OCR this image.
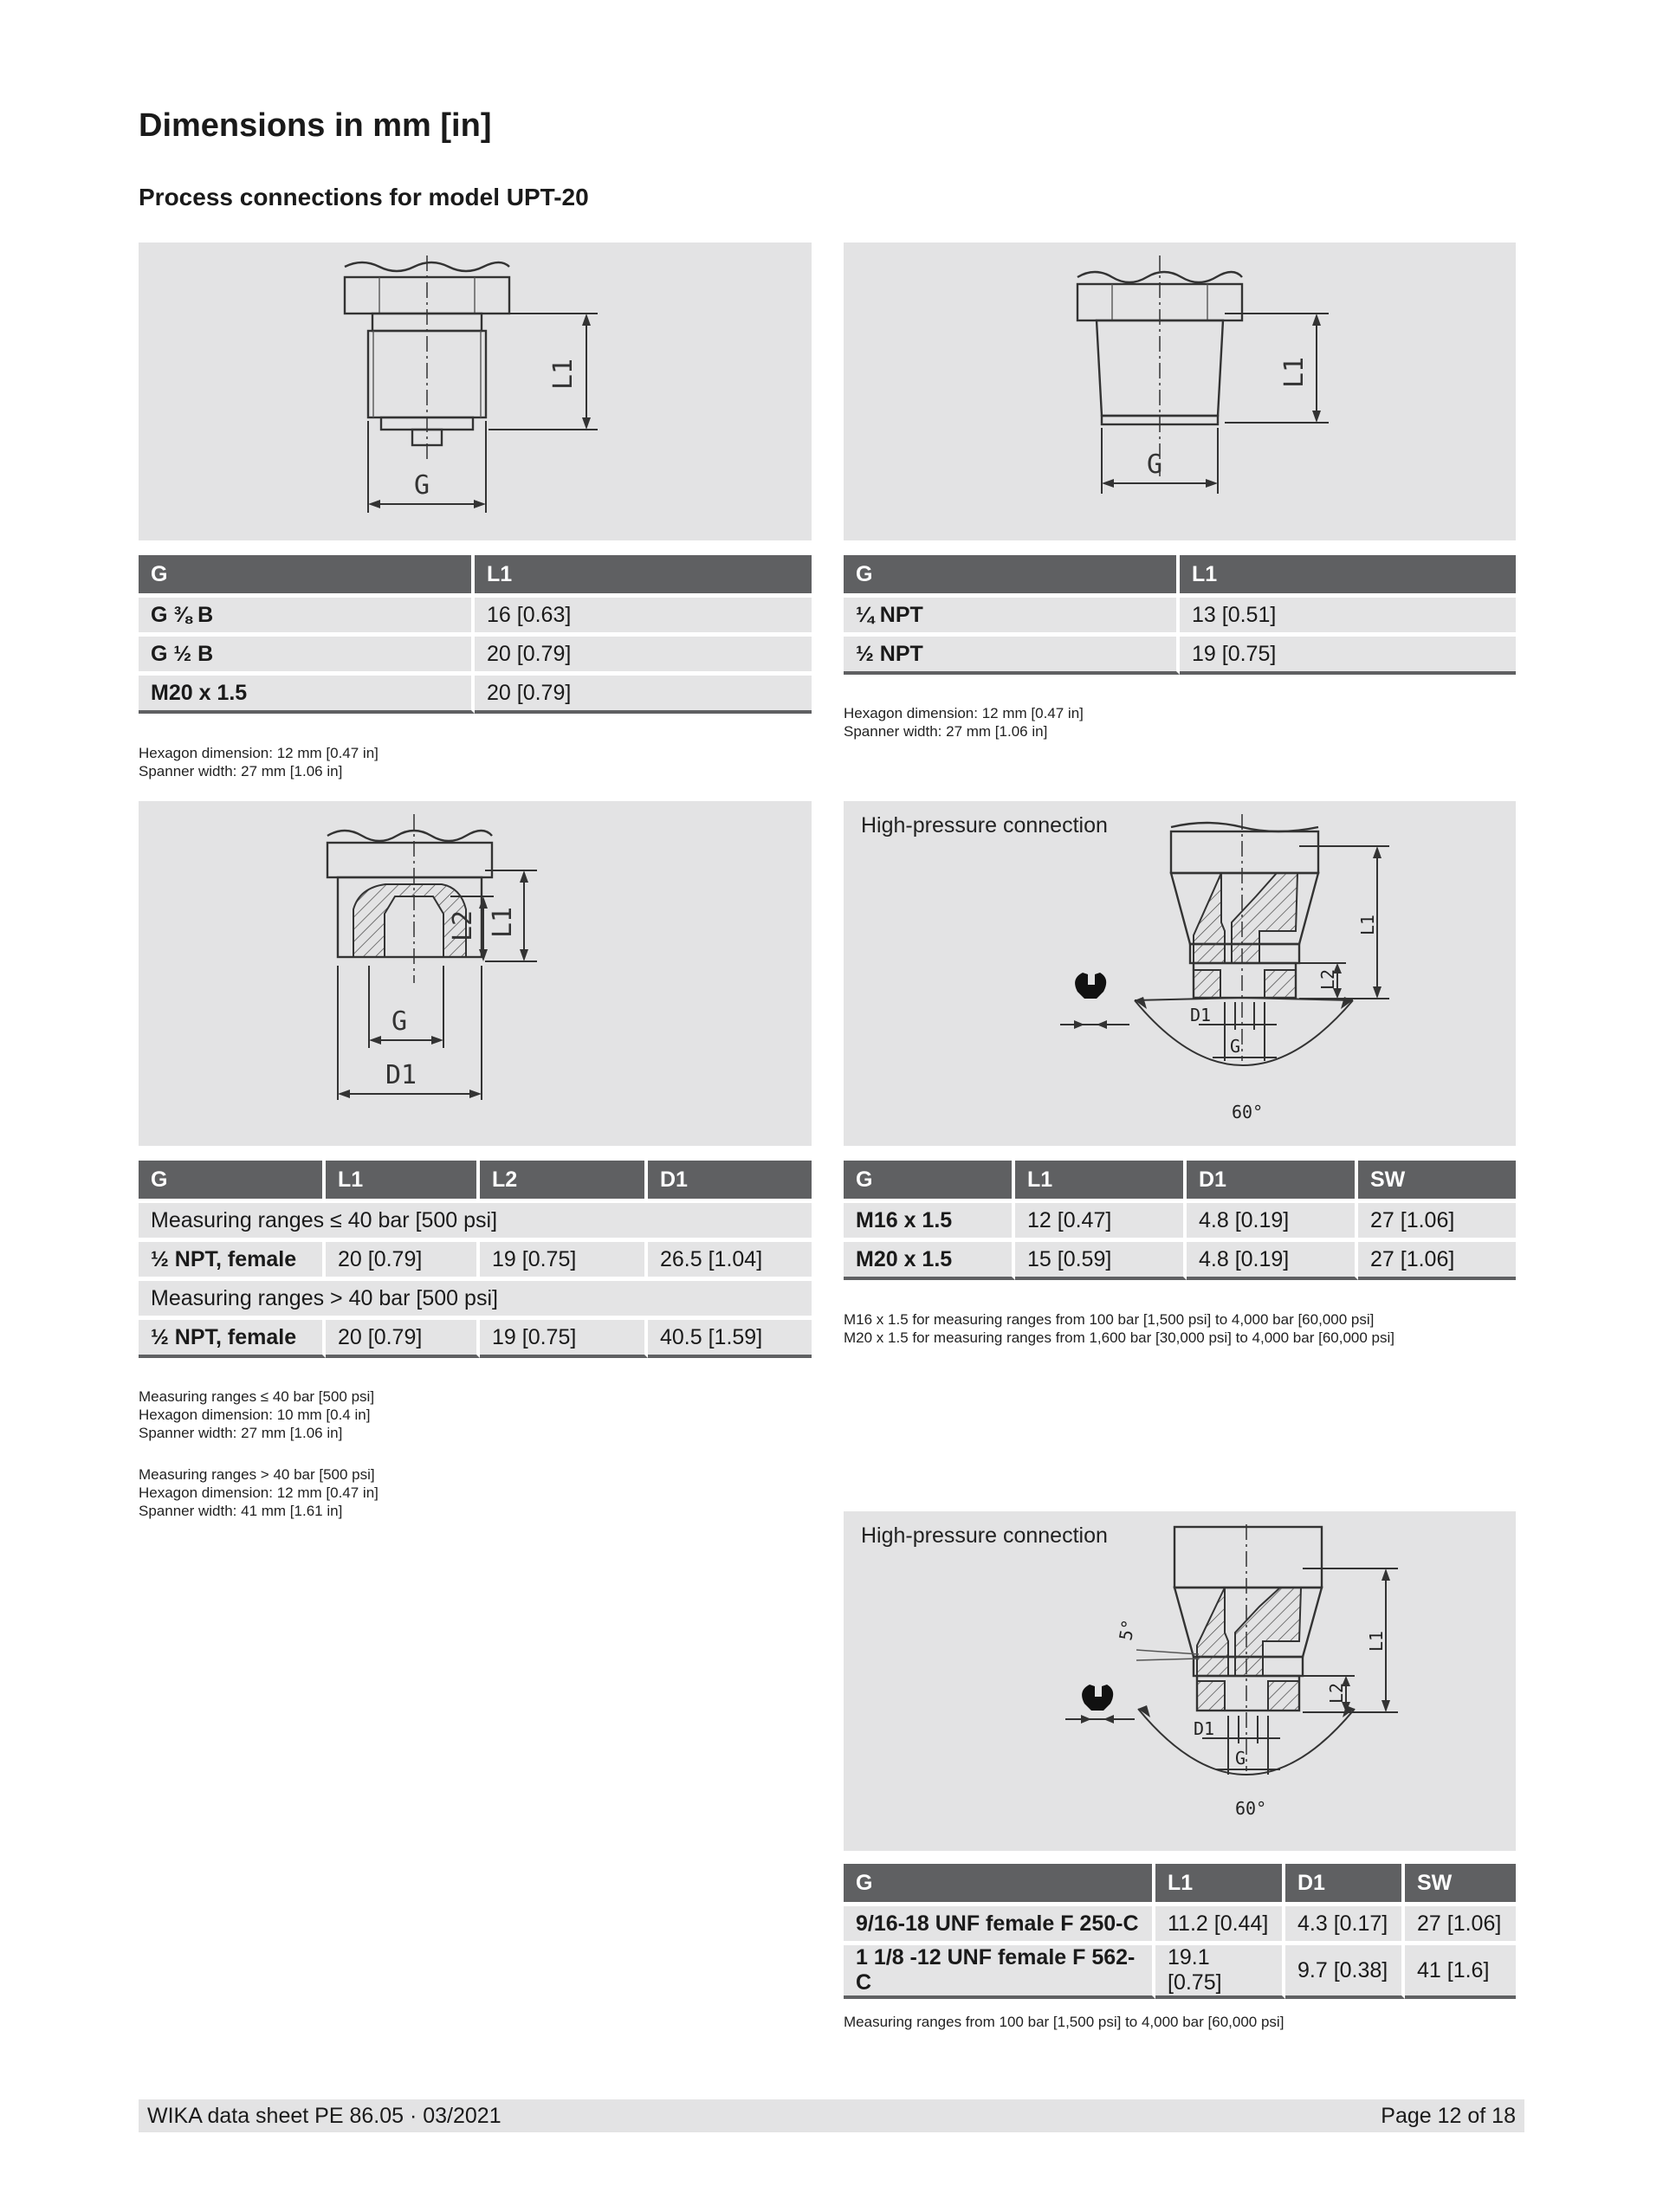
Dimensions in mm [in]
Process connections for model UPT-20
L1
G
L1
G
G	L1
G ⅜ B	16 [0.63]
G ½ B	20 [0.79]
M20 x 1.5	20 [0.79]
Hexagon dimension: 12 mm [0.47 in]
Spanner width: 27 mm [1.06 in]
G	L1
¼ NPT	13 [0.51]
½ NPT	19 [0.75]
Hexagon dimension: 12 mm [0.47 in]
Spanner width: 27 mm [1.06 in]
L1
L2
G
D1
G	L1	L2	D1
Measuring ranges ≤ 40 bar [500 psi]			
½ NPT, female	20 [0.79]	19 [0.75]	26.5 [1.04]
Measuring ranges > 40 bar [500 psi]			
½ NPT, female	20 [0.79]	19 [0.75]	40.5 [1.59]
Measuring ranges ≤ 40 bar [500 psi]
Hexagon dimension: 10 mm [0.4 in]
Spanner width: 27 mm [1.06 in]
Measuring ranges > 40 bar [500 psi]
Hexagon dimension: 12 mm [0.47 in]
Spanner width: 41 mm [1.61 in]
High-pressure connection
L1
L2
G
D1
60°
G	L1	D1	SW
M16 x 1.5	12 [0.47]	4.8 [0.19]	27 [1.06]
M20 x 1.5	15 [0.59]	4.8 [0.19]	27 [1.06]
M16 x 1.5 for measuring ranges from 100 bar [1,500 psi] to 4,000 bar [60,000 psi]
M20 x 1.5 for measuring ranges from 1,600 bar [30,000 psi] to 4,000 bar [60,000 psi]
High-pressure connection
L1
L2
G
D1
60°
5°
G	L1	D1	SW
9/16-18 UNF female F 250-C	11.2 [0.44]	4.3 [0.17]	27 [1.06]
1 1/8 -12 UNF female F 562-C	19.1 [0.75]	9.7 [0.38]	41 [1.6]
Measuring ranges from 100 bar [1,500 psi] to 4,000 bar [60,000 psi]
WIKA data sheet PE 86.05 · 03/2021	Page 12 of 18
